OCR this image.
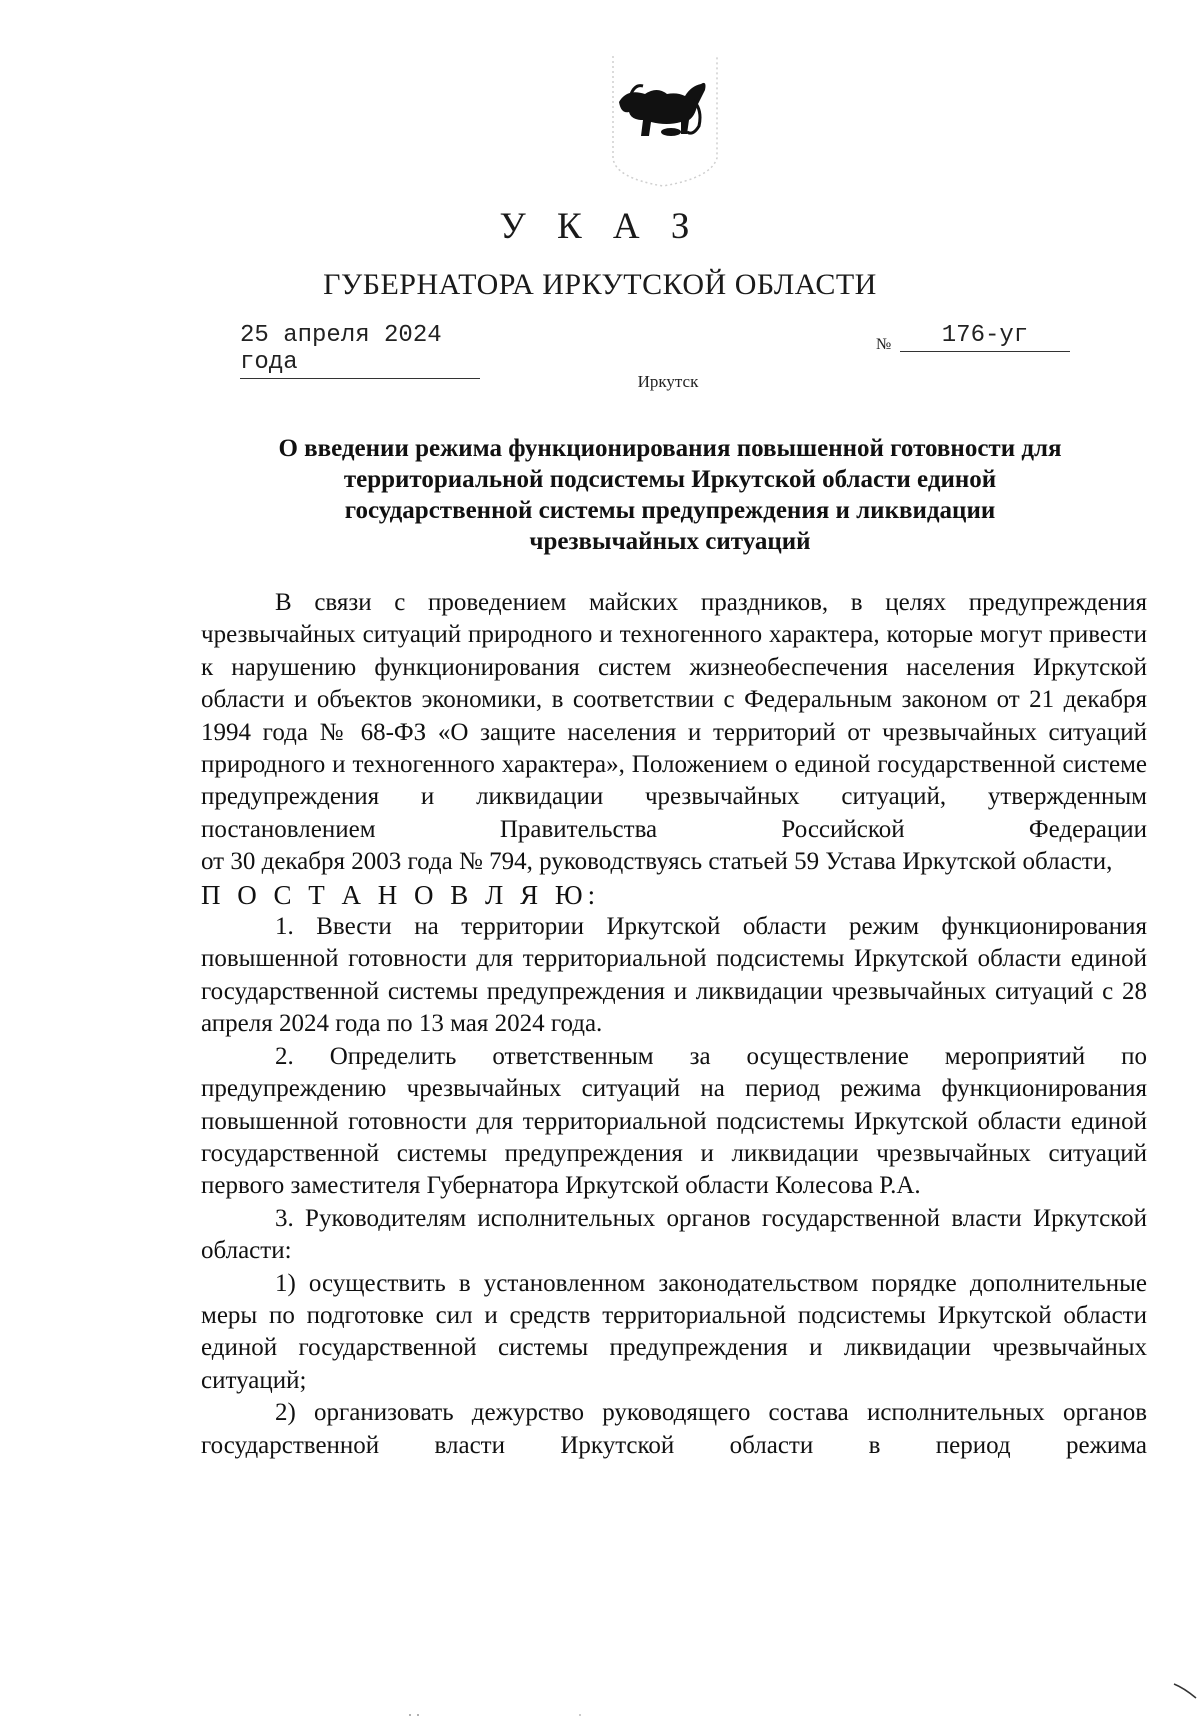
У К А З
ГУБЕРНАТОРА ИРКУТСКОЙ ОБЛАСТИ
25 апреля 2024 года
№	176-уг
Иркутск
О введении режима функционирования повышенной готовности для
территориальной подсистемы Иркутской области единой
государственной системы предупреждения и ликвидации
чрезвычайных ситуаций

В связи с проведением майских праздников, в целях предупреждения чрезвычайных ситуаций природного и техногенного характера, которые могут привести к нарушению функционирования систем жизнеобеспечения населения Иркутской области и объектов экономики, в соответствии с Федеральным законом от 21 декабря 1994 года № 68-ФЗ «О защите населения и территорий от чрезвычайных ситуаций природного и техногенного характера», Положением о единой государственной системе предупреждения и ликвидации чрезвычайных ситуаций, утвержденным постановлением Правительства Российской Федерации

от 30 декабря 2003 года № 794, руководствуясь статьей 59 Устава Иркутской области,

П О С Т А Н О В Л Я Ю:

1. Ввести на территории Иркутской области режим функционирования повышенной готовности для территориальной подсистемы Иркутской области единой государственной системы предупреждения и ликвидации чрезвычайных ситуаций с 28 апреля 2024 года по 13 мая 2024 года.

2. Определить ответственным за осуществление мероприятий по предупреждению чрезвычайных ситуаций на период режима функционирования повышенной готовности для территориальной подсистемы Иркутской области единой государственной системы предупреждения и ликвидации чрезвычайных ситуаций первого заместителя Губернатора Иркутской области Колесова Р.А.

3. Руководителям исполнительных органов государственной власти Иркутской области:

1) осуществить в установленном законодательством порядке дополнительные меры по подготовке сил и средств территориальной подсистемы Иркутской области единой государственной системы предупреждения и ликвидации чрезвычайных ситуаций;

2) организовать дежурство руководящего состава исполнительных органов государственной власти Иркутской области в период режима
